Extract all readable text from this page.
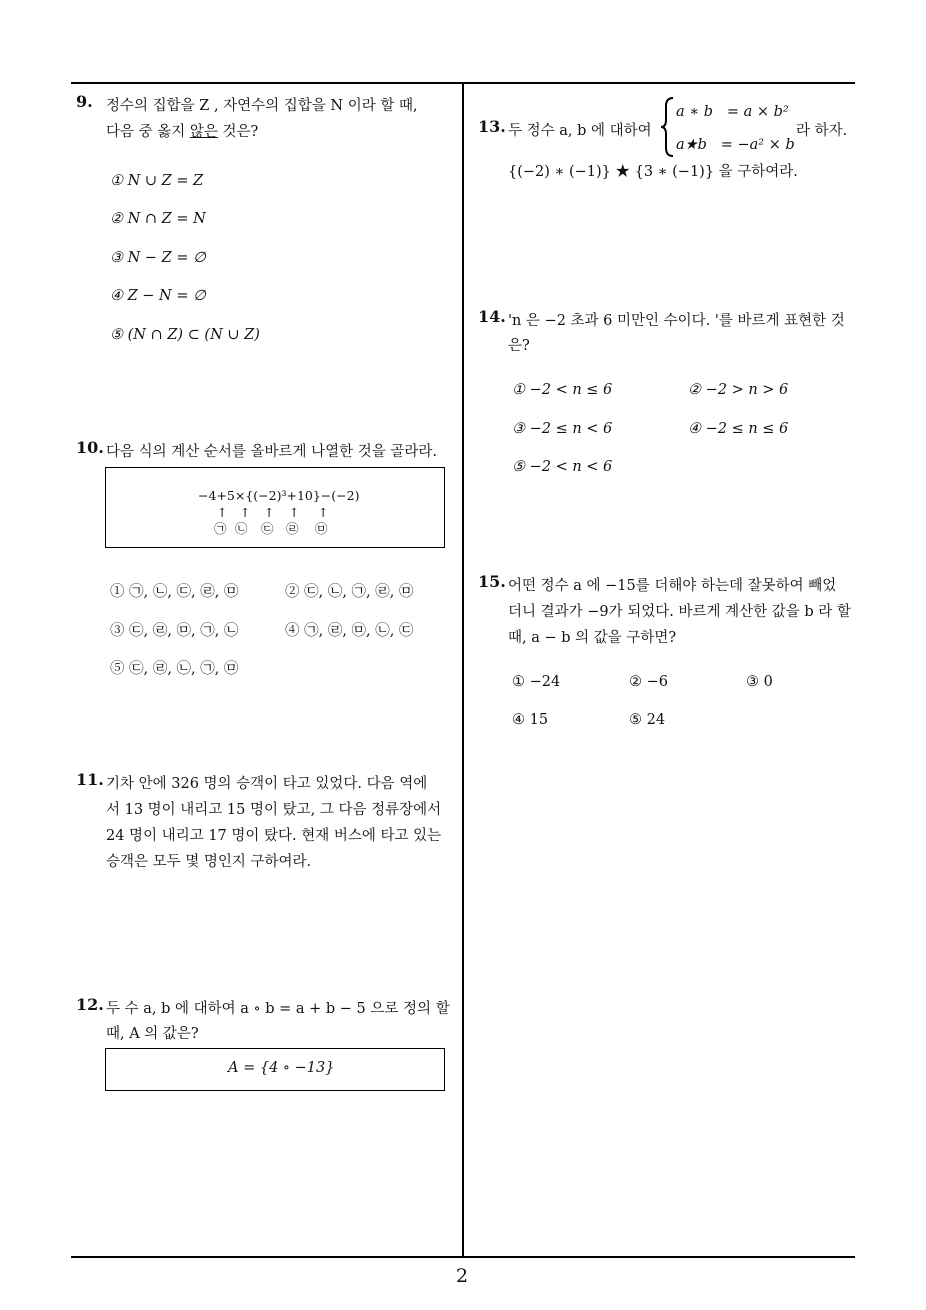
9. 정수의 집합을 Z , 자연수의 집합을 N 이라 할 때,
다음 중 옳지 않은 것은?
① N ∪ Z = Z
② N ∩ Z = N
③ N − Z = ∅
④ Z − N = ∅
⑤ (N ∩ Z) ⊂ (N ∪ Z)
10. 다음 식의 계산 순서를 올바르게 나열한 것을 골라라.
−4+5×{(−2)³+10}−(−2)
↑ ↑ ↑ ↑ ↑
㉠ ㉡ ㉢ ㉣ ㉤
① ㉠, ㉡, ㉢, ㉣, ㉤	② ㉢, ㉡, ㉠, ㉣, ㉤
③ ㉢, ㉣, ㉤, ㉠, ㉡	④ ㉠, ㉣, ㉤, ㉡, ㉢
⑤ ㉢, ㉣, ㉡, ㉠, ㉤
11. 기차 안에 326 명의 승객이 타고 있었다. 다음 역에
서 13 명이 내리고 15 명이 탔고, 그 다음 정류장에서
24 명이 내리고 17 명이 탔다. 현재 버스에 타고 있는
승객은 모두 몇 명인지 구하여라.
12. 두 수 a, b 에 대하여 a ∘ b = a + b − 5 으로 정의 할
때, A 의 값은?
A = {4 ∘ −13}
13. 두 정수 a, b 에 대하여
a ∗ b   = a × b²
a★b   = −a² × b
라 하자.
{(−2) ∗ (−1)} ★ {3 ∗ (−1)} 을 구하여라.
14. 'n 은 −2 초과 6 미만인 수이다. '를 바르게 표현한 것
은?
① −2 < n ≤ 6	② −2 > n > 6
③ −2 ≤ n < 6	④ −2 ≤ n ≤ 6
⑤ −2 < n < 6
15. 어떤 정수 a 에 −15를 더해야 하는데 잘못하여 빼었
더니 결과가 −9가 되었다. 바르게 계산한 값을 b 라 할
때, a − b 의 값을 구하면?
① −24	② −6	③ 0
④ 15	⑤ 24
2
